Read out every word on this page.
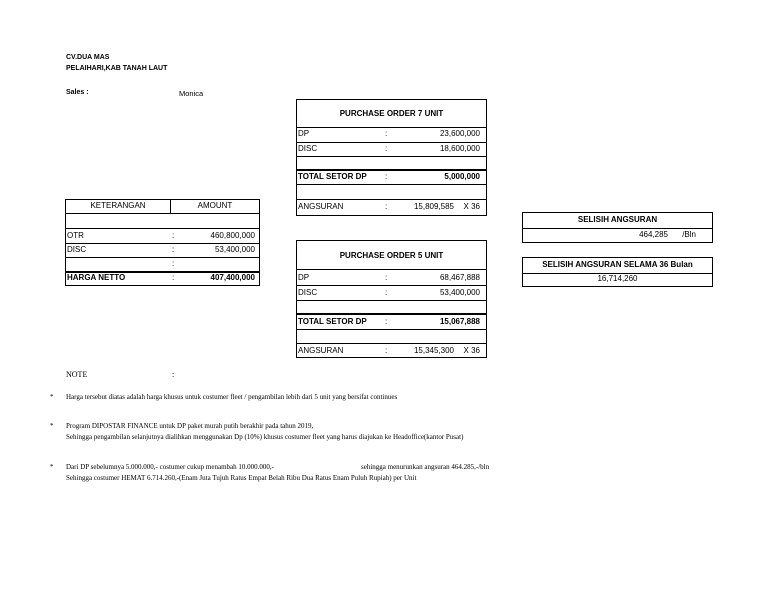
CV.DUA MAS
PELAIHARI,KAB TANAH LAUT
Sales :	Monica
KETERANGAN	AMOUNT
OTR	:	460,800,000
DISC	:	53,400,000
:
HARGA NETTO	:	407,400,000
PURCHASE ORDER 7 UNIT
DP	:	23,600,000
DISC	:	18,600,000
TOTAL SETOR DP :	5,000,000
ANGSURAN	:	15,809,585 X 36
PURCHASE ORDER 5 UNIT
DP	:	68,467,888
DISC	:	53,400,000
TOTAL SETOR DP :	15,067,888
ANGSURAN	:	15,345,300 X 36
SELISIH ANGSURAN
464,285 /Bln
SELISIH ANGSURAN SELAMA 36 Bulan
16,714,260
NOTE	:
* Harga tersebut diatas adalah harga khusus untuk costumer fleet / pengambilan lebih dari 5 unit yang bersifat continues
* Program DIPOSTAR FINANCE untuk DP paket murah putih berakhir pada tahun 2019,
Sehingga pengambilan selanjutnya dialihkan menggunakan Dp (10%) khusus costumer fleet yang harus diajukan ke Headoffice(kantor Pusat)
* Dari DP sebelumnya 5.000.000,- costumer cukup menambah 10.000.000,-	sehingga menurunkan angsuran 464.285,-/bln
Sehingga costumer HEMAT 6.714.260,-(Enam Juta Tujuh Ratus Empat Belah Ribu Dua Ratus Enam Puluh Rupiah) per Unit
